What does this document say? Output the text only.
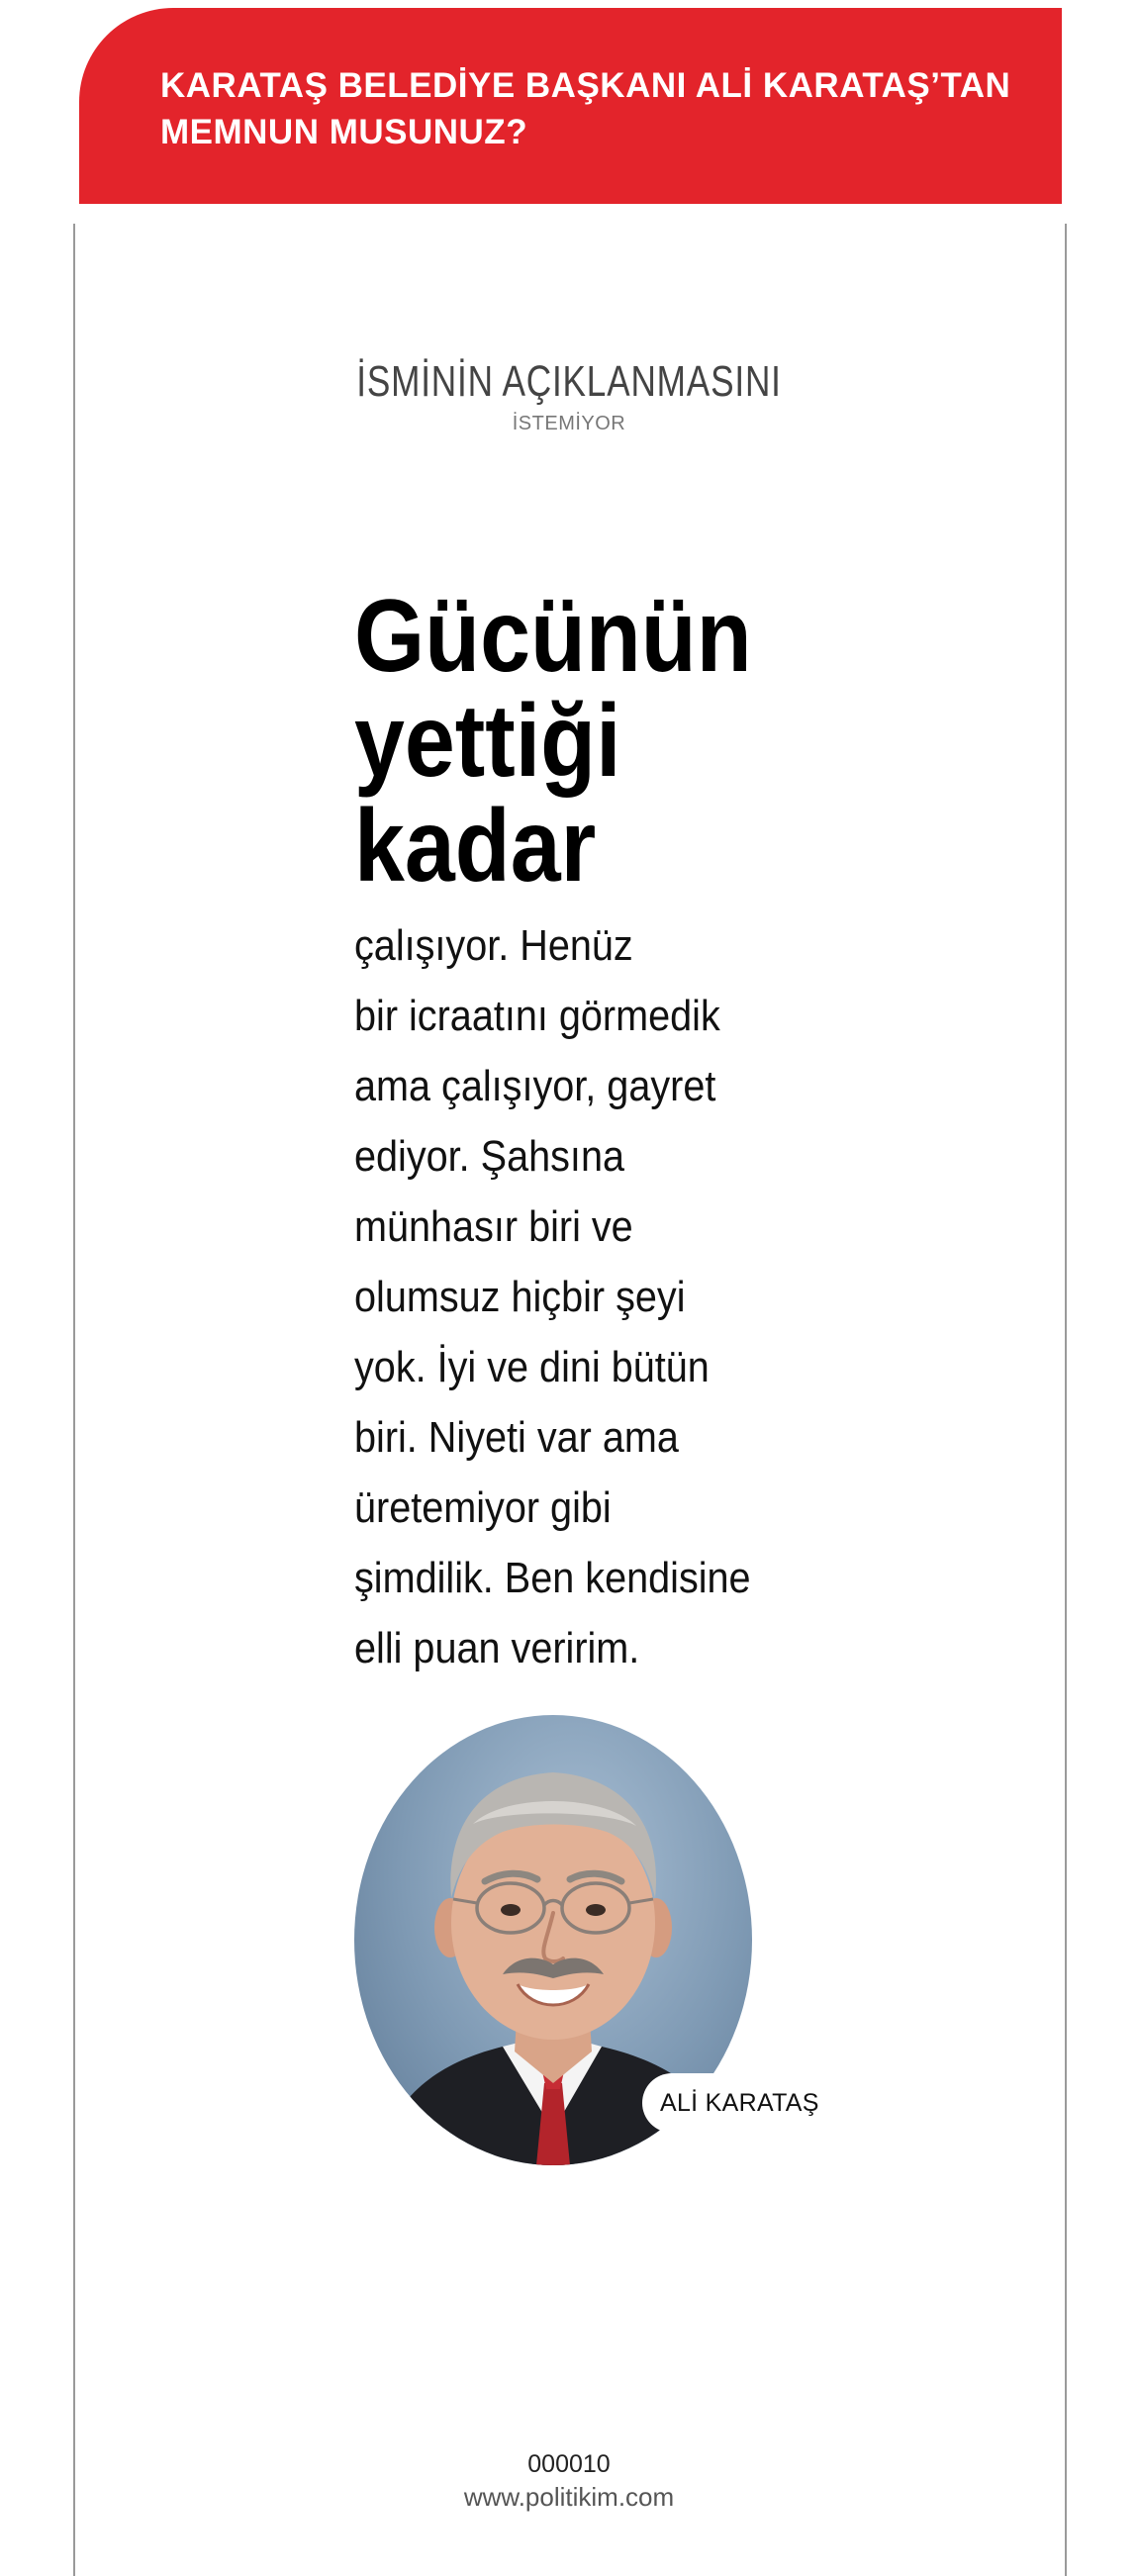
KARATAŞ BELEDİYE BAŞKANI ALİ KARATAŞ’TAN
MEMNUN MUSUNUZ?

İSMİNİN AÇIKLANMASINI

İSTEMİYOR

Gücünün
yettiği
kadar

çalışıyor. Henüz
bir icraatını görmedik
ama çalışıyor, gayret
ediyor. Şahsına
münhasır biri ve
olumsuz hiçbir şeyi
yok. İyi ve dini bütün
biri. Niyeti var ama
üretemiyor gibi
şimdilik. Ben kendisine
elli puan veririm.

ALİ KARATAŞ

000010

www.politikim.com
